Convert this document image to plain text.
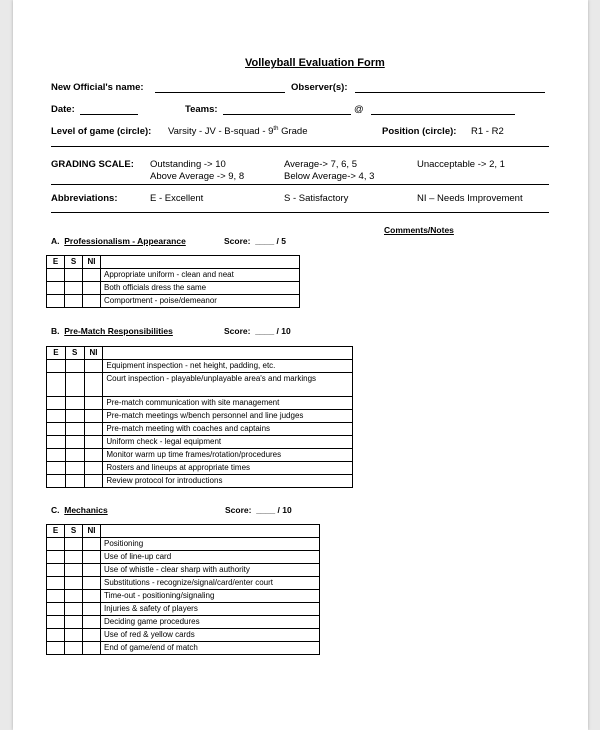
Volleyball Evaluation Form
New Official's name:	Observer(s):
Date:	Teams:	@
Level of game (circle): Varsity - JV - B-squad - 9th Grade	Position (circle): R1 - R2
GRADING SCALE: Outstanding -> 10
Above Average -> 9, 8
Average-> 7, 6, 5
Below Average-> 4, 3
Unacceptable -> 2, 1
Abbreviations:	E - Excellent	S - Satisfactory	NI – Needs Improvement
Comments/Notes
A. Professionalism - Appearance	Score: ____ / 5
E	S	NI	
			Appropriate uniform - clean and neat
			Both officials dress the same
			Comportment - poise/demeanor
B. Pre-Match Responsibilities	Score: ____ / 10
E	S	NI	
			Equipment inspection - net height, padding, etc.
			Court inspection - playable/unplayable area's and markings
			Pre-match communication with site management
			Pre-match meetings w/bench personnel and line judges
			Pre-match meeting with coaches and captains
			Uniform check - legal equipment
			Monitor warm up time frames/rotation/procedures
			Rosters and lineups at appropriate times
			Review protocol for introductions
C. Mechanics	Score: ____ / 10
E	S	NI	
			Positioning
			Use of line-up card
			Use of whistle - clear sharp with authority
			Substitutions - recognize/signal/card/enter court
			Time-out - positioning/signaling
			Injuries & safety of players
			Deciding game procedures
			Use of red & yellow cards
			End of game/end of match
